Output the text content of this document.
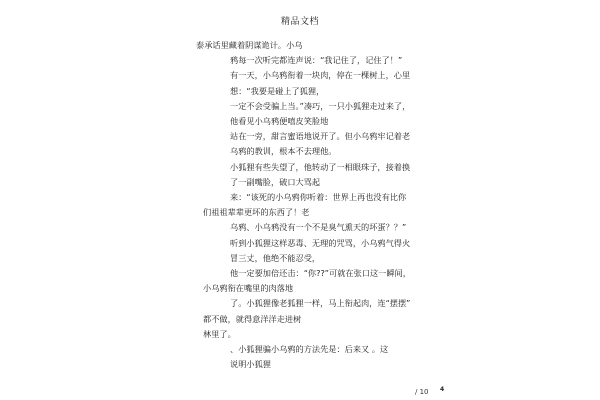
精品文档
泰承话里藏着阴谋诡计。小乌
鸦每一次听完都连声说：“我记住了，记住了！”
有一天，小乌鸦衔着一块肉，停在一棵树上，心里
想：“我要是碰上了狐狸，
一定不会受骗上当。”凑巧，一只小狐狸走过来了，
他看见小乌鸦便嘻皮笑脸地
站在一旁，甜言蜜语地说开了。但小乌鸦牢记着老
乌鸦的教训，根本不去理他。
小狐狸有些失望了，他转动了一相眼珠子，接着换
了一副嘴脸，破口大骂起
来：“该死的小乌鸦你听着：世界上再也没有比你
们祖祖辈辈更坏的东西了！老
乌鸦、小乌鸦没有一个不是臭气熏天的坏蛋？？”
听到小狐狸这样恶毒、无理的咒骂，小乌鸦气得火
冒三丈，他绝不能忍受，
他一定要加倍还击：“你??”可就在张口这一瞬间，
小乌鸦衔在嘴里的肉落地
了。小狐狸像老狐狸一样，马上衔起肉，连“摆摆”
都不做，就得意洋洋走进树
林里了。
、小狐狸骗小乌鸦的方法先是：后来又 。这
说明小狐狸
/ 10 4
